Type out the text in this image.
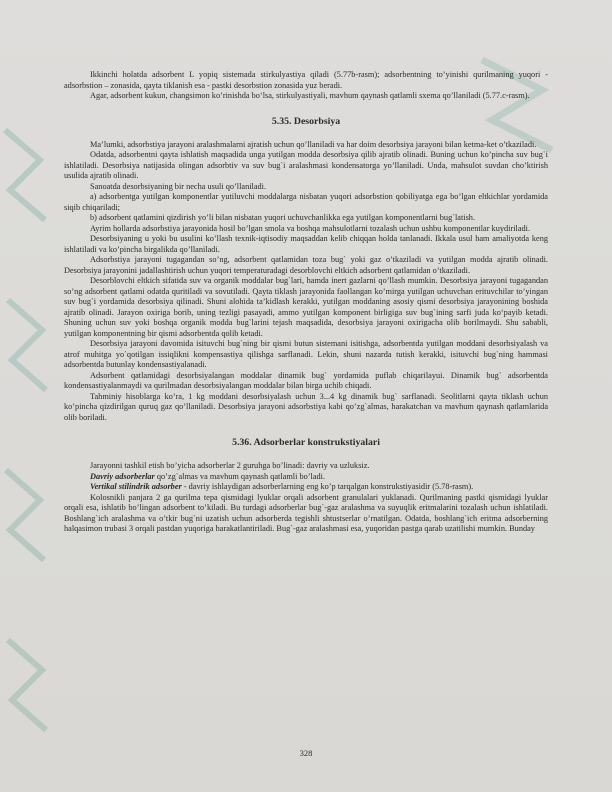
Ikkinchi holatda adsorbent L yopiq sistemada stirkulyastiya qiladi (5.77b-rasm); adsorbentning to’yinishi qurilmaning yuqori - adsorbstion – zonasida, qayta tiklanish esa - pastki desorbstion zonasida yuz beradi.

Agar, adsorbent kukun, changsimon ko’rinishda bo‘lsa, stirkulyastiyali, mavhum qaynash qatlamli sxema qo’llaniladi (5.77.c-rasm).

5.35. Desorbsiya

Ma’lumki, adsorbstiya jarayoni aralashmalarni ajratish uchun qo’llaniladi va har doim desorbsiya jarayoni bilan ketma-ket o’tkaziladi.

Odatda, adsorbentni qayta ishlatish maqsadida unga yutilgan modda desorbsiya qilib ajratib olinadi. Buning uchun ko’pincha suv bug`i ishlatiladi. Desorbsiya natijasida olingan adsorbtiv va suv bug`i aralashmasi kondensatorga yo’llaniladi. Unda, mahsulot suvdan cho’ktirish usulida ajratib olinadi.

Sanoatda desorbsiyaning bir necha usuli qo’llaniladi.

a) adsorbentga yutilgan komponentlar yutiluvchi moddalarga nisbatan yuqori adsorbstion qobiliyatga ega bo’lgan eltkichlar yordamida siqib chiqariladi;

b) adsorbent qatlamini qizdirish yo’li bilan nisbatan yuqori uchuvchanlikka ega yutilgan komponentlarni bug`latish.

Ayrim hollarda adsorbstiya jarayonida hosil bo’lgan smola va boshqa mahsulotlarni tozalash uchun ushbu komponentlar kuydiriladi.

Desorbsiyaning u yoki bu usulini ko’llash texnik-iqtisodiy maqsaddan kelib chiqqan holda tanlanadi. Ikkala usul ham amaliyotda keng ishlatiladi va ko’pincha birgalikda qo’llaniladi.

Adsorbstiya jarayoni tugagandan so’ng, adsorbent qatlamidan toza bug` yoki gaz o’tkaziladi va yutilgan modda ajratib olinadi. Desorbsiya jarayonini jadallashtirish uchun yuqori temperaturadagi desorblovchi eltkich adsorbent qatlamidan o’tkaziladi.

Desorblovchi eltkich sifatida suv va organik moddalar bug`lari, hamda inert gazlarni qo’llash mumkin. Desorbsiya jarayoni tugagandan so’ng adsorbent qatlami odatda quritiladi va sovutiladi. Qayta tiklash jarayonida faollangan ko’mirga yutilgan uchuvchan erituvchilar to’yingan suv bug`i yordamida desorbsiya qilinadi. Shuni alohida ta’kidlash kerakki, yutilgan moddaning asosiy qismi desorbsiya jarayonining boshida ajratib olinadi. Jarayon oxiriga borib, uning tezligi pasayadi, ammo yutilgan komponent birligiga suv bug`ining sarfi juda ko‘payib ketadi. Shuning uchun suv yoki boshqa organik modda bug`larini tejash maqsadida, desorbsiya jarayoni oxirigacha olib borilmaydi. Shu sababli, yutilgan komponentning bir qismi adsorbentda qolib ketadi.

Desorbsiya jarayoni davomida isituvchi bug`ning bir qismi butun sistemani isitishga, adsorbentda yutilgan moddani desorbsiyalash va atrof muhitga yo`qotilgan issiqlikni kompensastiya qilishga sarflanadi. Lekin, shuni nazarda tutish kerakki, isituvchi bug`ning hammasi adsorbentda butunlay kondensastiyalanadi.

Adsorbent qatlamidagi desorbsiyalangan moddalar dinamik bug` yordamida puflab chiqarilayui. Dinamik bug` adsorbentda kondensastiyalanmaydi va qurilmadan desorbsiyalangan moddalar bilan birga uchib chiqadi.

Tahminiy hisoblarga ko’ra, 1 kg moddani desorbsiyalash uchun 3...4 kg dinamik bug` sarflanadi. Seolitlarni qayta tiklash uchun ko’pincha qizdirilgan quruq gaz qo’llaniladi. Desorbsiya jarayoni adsorbstiya kabi qo’zg`almas, harakatchan va mavhum qaynash qatlamlarida olib boriladi.

5.36. Adsorberlar konstrukstiyalari

Jarayonni tashkil etish bo’yicha adsorberlar 2 guruhga bo’linadi: davriy va uzluksiz.

Davriy adsorberlar qo’zg`almas va mavhum qaynash qatlamli bo’ladi.

Vertikal stilindrik adsorber - davriy ishlaydigan adsorberlarning eng ko’p tarqalgan konstrukstiyasidir (5.78-rasm).

Kolosnikli panjara 2 ga qurilma tepa qismidagi lyuklar orqali adsorbent granulalari yuklanadi. Qurilmaning pastki qismidagi lyuklar orqali esa, ishlatib bo’lingan adsorbent to’kiladi. Bu turdagi adsorberlar bug`-gaz aralashma va suyuqlik eritmalarini tozalash uchun ishlatiladi. Boshlang`ich aralashma va o’tkir bug`ni uzatish uchun adsorberda tegishli shtustserlar o’rnatilgan. Odatda, boshlang`ich eritma adsorberning halqasimon trubasi 3 orqali pastdan yuqoriga harakatlantiriladi. Bug`-gaz aralashmasi esa, yuqoridan pastga qarab uzatilishi mumkin. Bunday

328
